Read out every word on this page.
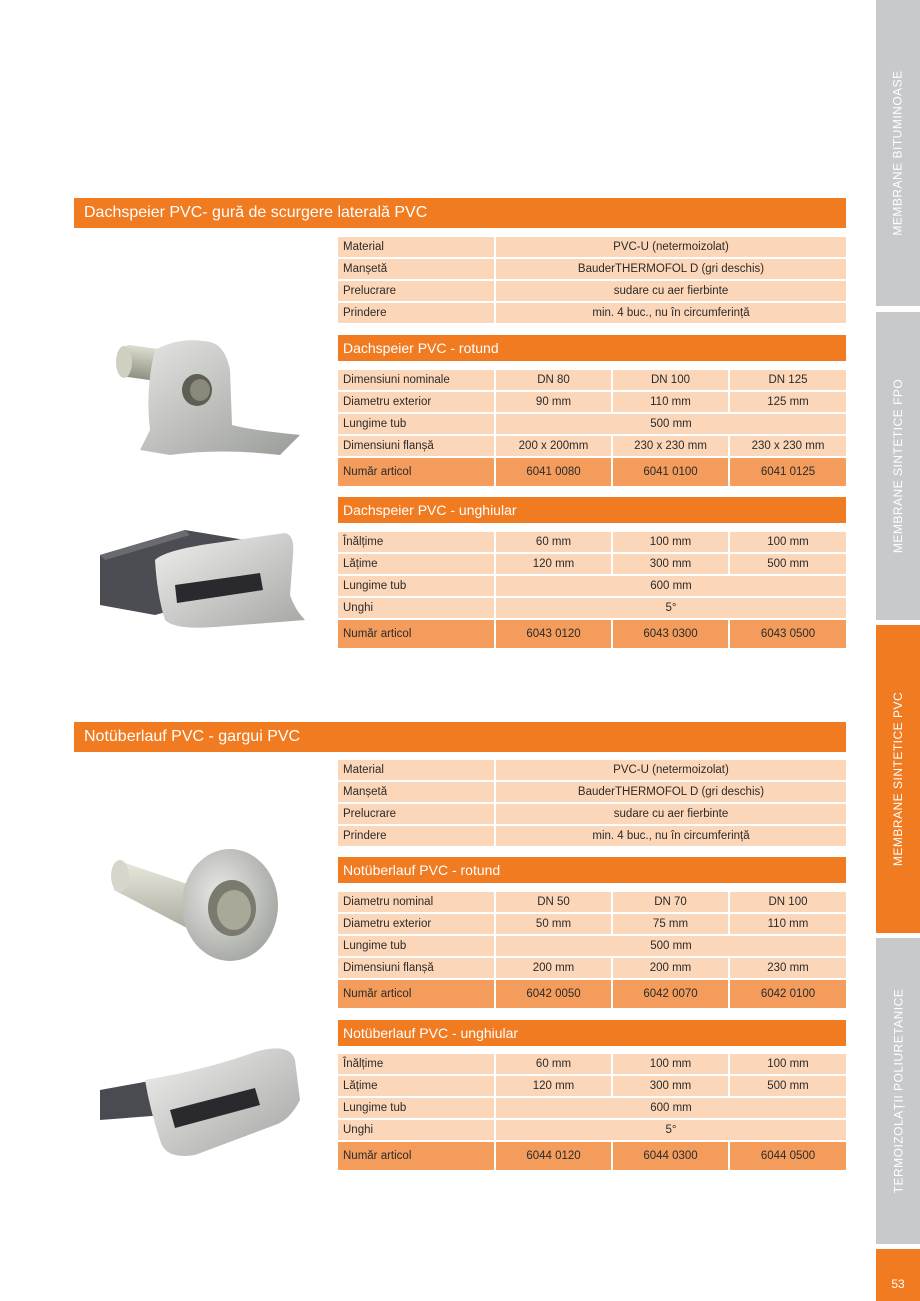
MEMBRANE BITUMINOASE
MEMBRANE SINTETICE FPO
MEMBRANE SINTETICE PVC
TERMOIZOLAȚII POLIURETANICE
53
Dachspeier PVC- gură de scurgere laterală PVC
Material	PVC-U (netermoizolat)
Manșetă	BauderTHERMOFOL D (gri deschis)
Prelucrare	sudare cu aer fierbinte
Prindere	min. 4 buc., nu în circumferință
Dachspeier PVC - rotund
Dimensiuni nominale	DN 80	DN 100	DN 125
Diametru exterior	90 mm	110 mm	125 mm
Lungime tub	500 mm
Dimensiuni flanșă	200 x 200mm	230 x 230 mm	230 x 230 mm
Număr articol	6041 0080	6041 0100	6041 0125
Dachspeier PVC - unghiular
Înălțime	60 mm	100 mm	100 mm
Lățime	120 mm	300 mm	500 mm
Lungime tub	600 mm
Unghi	5°
Număr articol	6043 0120	6043 0300	6043 0500
Notüberlauf PVC - gargui PVC
Material	PVC-U (netermoizolat)
Manșetă	BauderTHERMOFOL D (gri deschis)
Prelucrare	sudare cu aer fierbinte
Prindere	min. 4 buc., nu în circumferință
Notüberlauf PVC - rotund
Diametru nominal	DN 50	DN 70	DN 100
Diametru exterior	50 mm	75 mm	110 mm
Lungime tub	500 mm
Dimensiuni flanșă	200 mm	200 mm	230 mm
Număr articol	6042 0050	6042 0070	6042 0100
Notüberlauf PVC - unghiular
Înălțime	60 mm	100 mm	100 mm
Lățime	120 mm	300 mm	500 mm
Lungime tub	600 mm
Unghi	5°
Număr articol	6044 0120	6044 0300	6044 0500
